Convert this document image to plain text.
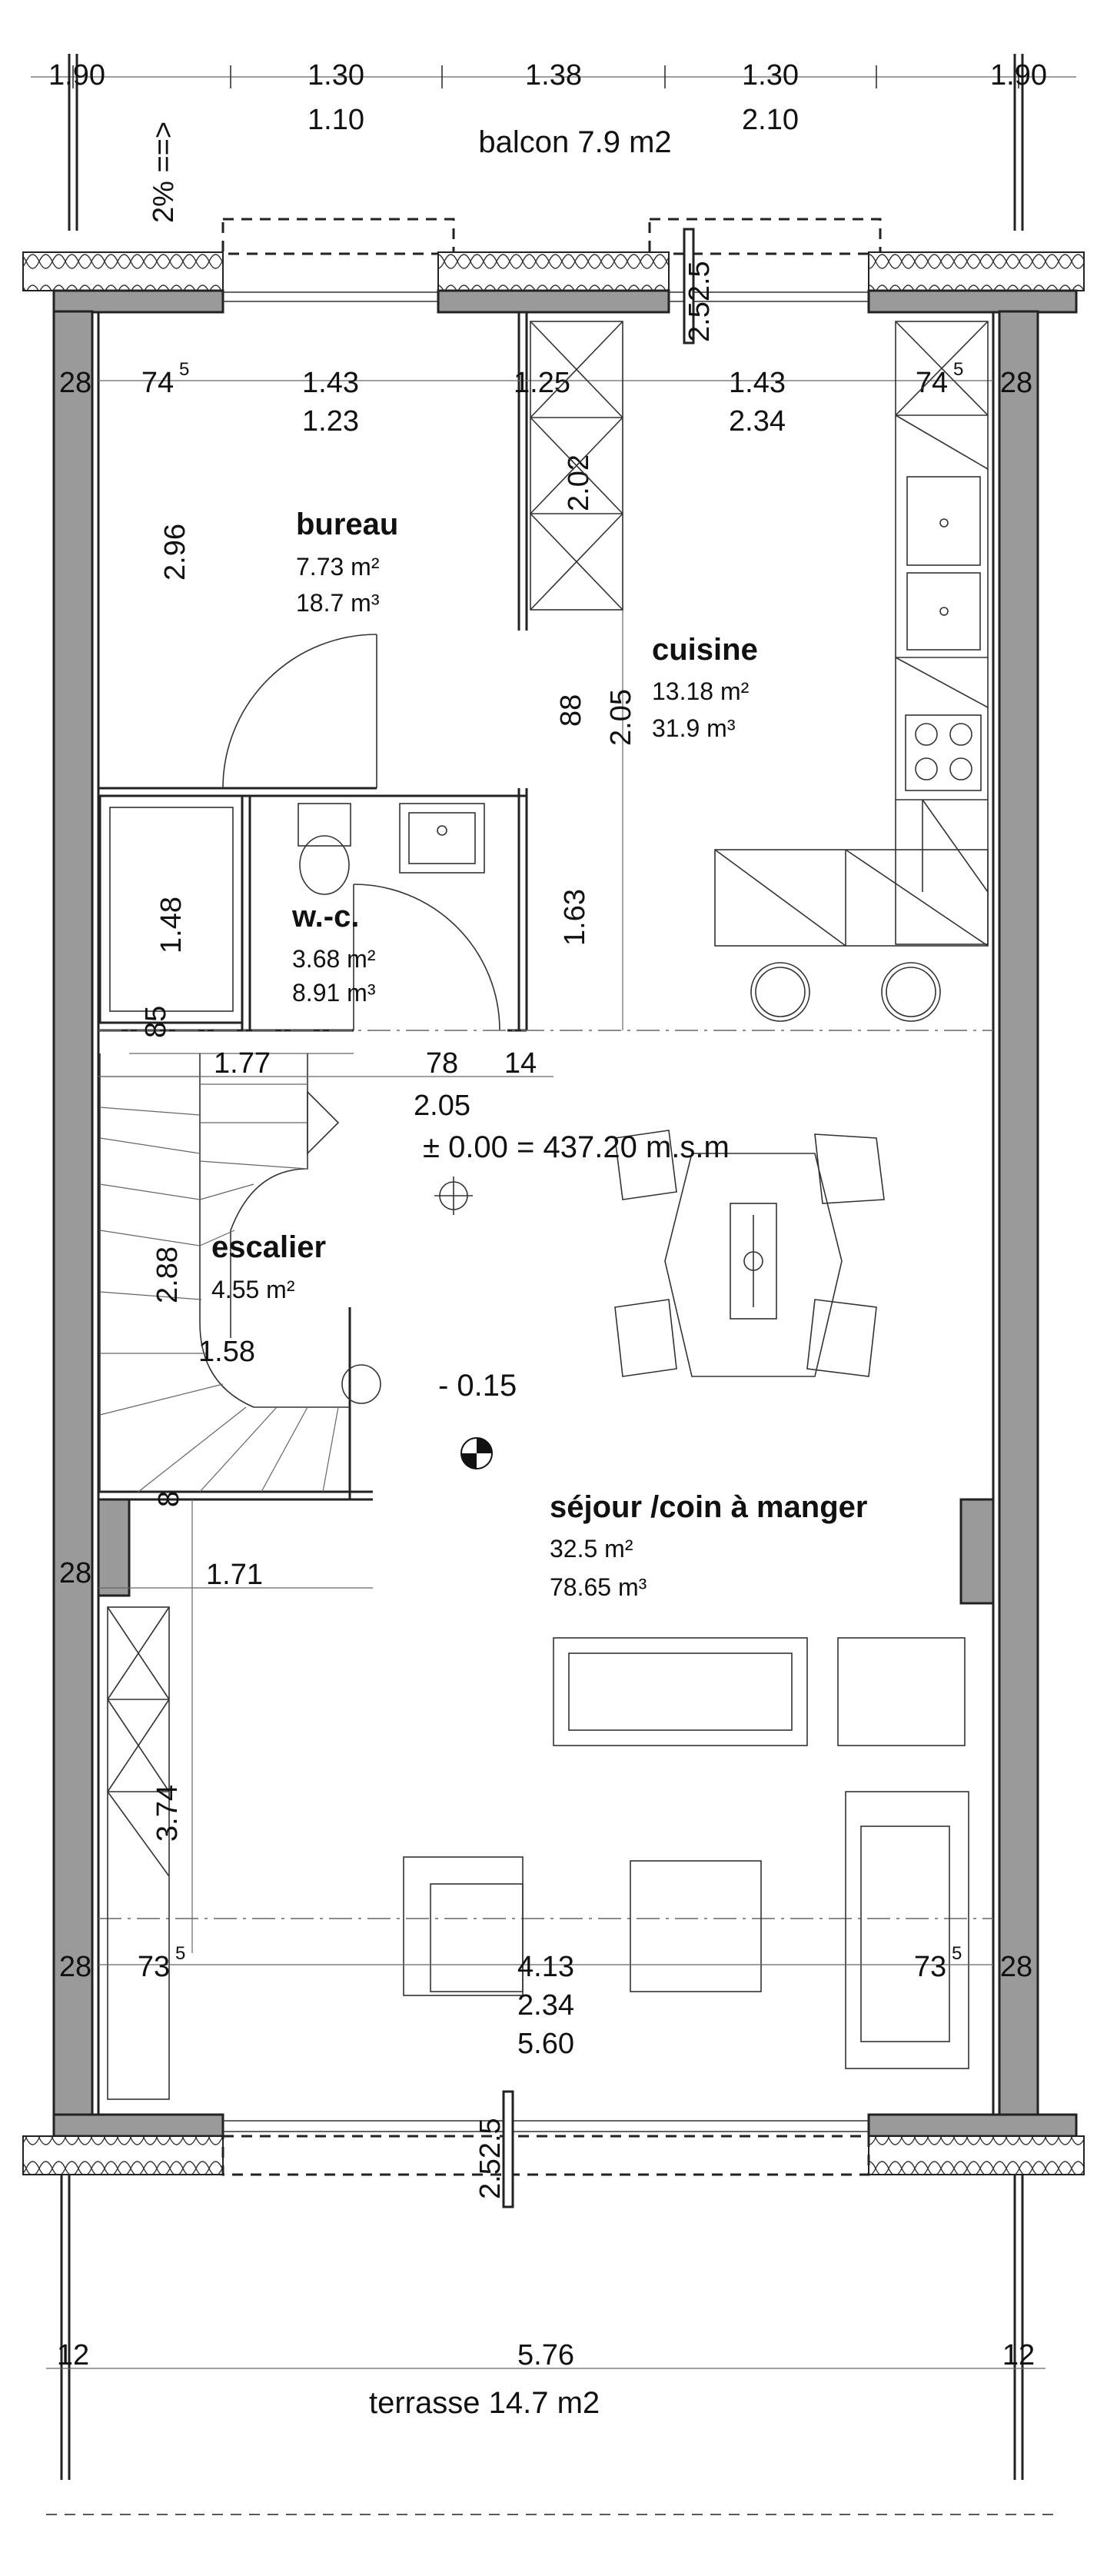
1.90	1.30	1.38	1.30	1.90
1.10	2.10
balcon 7.9 m2
2% ==>
2.52.5
28	28
74 5	74 5
1.43
1.23
1.25	1.43
2.34
2.02
2.96
88 2.05
1.63
1.48
85
bureau
7.73 m²
18.7 m³
cuisine
13.18 m²
31.9 m³
w.-c.
3.68 m²
8.91 m³
escalier
4.55 m²
séjour /coin à manger
32.5 m²
78.65 m³
1.77	78 14
2.05
± 0.00 = 437.20 m.s.m
2.88
1.58
- 0.15
8
28	1.71
3.74
28	28
73 5	73 5
4.13
2.34
5.60
2.52.5
12	5.76	12
terrasse 14.7 m2
